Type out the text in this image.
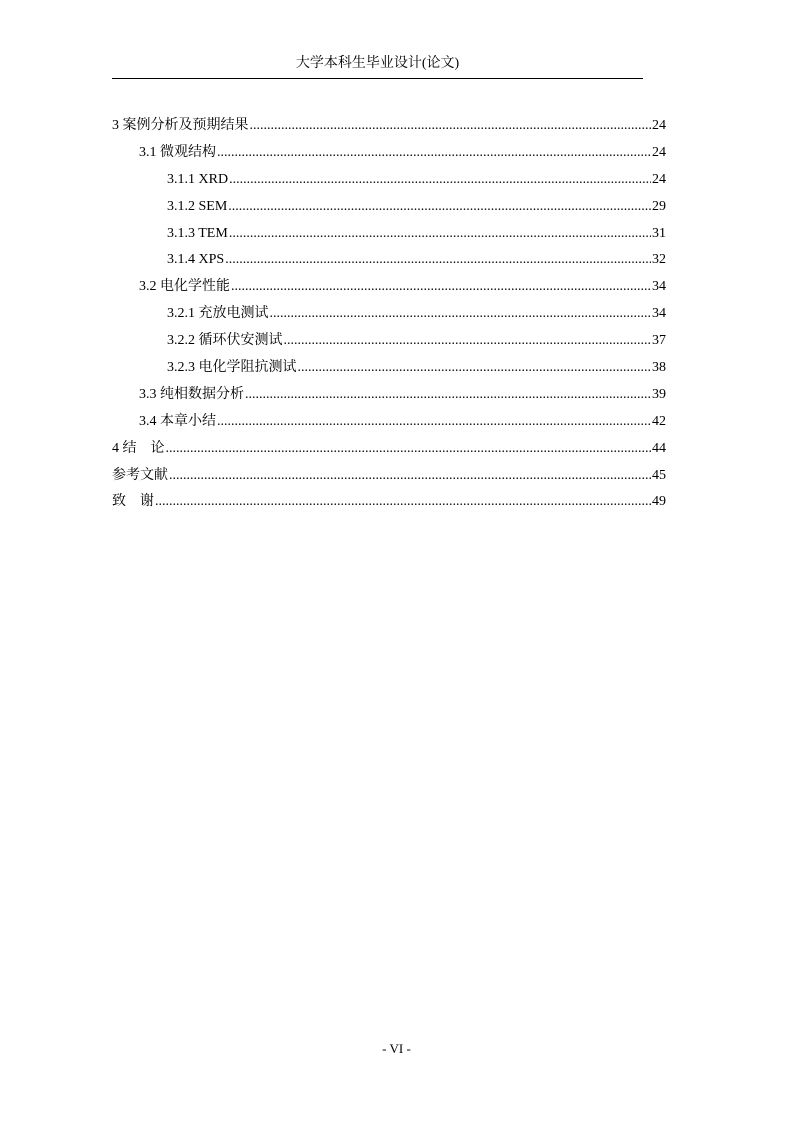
大学本科生毕业设计(论文)
3 案例分析及预期结果 .....	24
3.1 微观结构 .....	24
3.1.1 XRD .....	24
3.1.2 SEM .....	29
3.1.3 TEM .....	31
3.1.4 XPS .....	32
3.2 电化学性能 .....	34
3.2.1 充放电测试 .....	34
3.2.2 循环伏安测试 .....	37
3.2.3 电化学阻抗测试 .....	38
3.3 纯相数据分析 .....	39
3.4 本章小结 .....	42
4 结　论 .....	44
参考文献 .....	45
致　谢 .....	49
- VI -
